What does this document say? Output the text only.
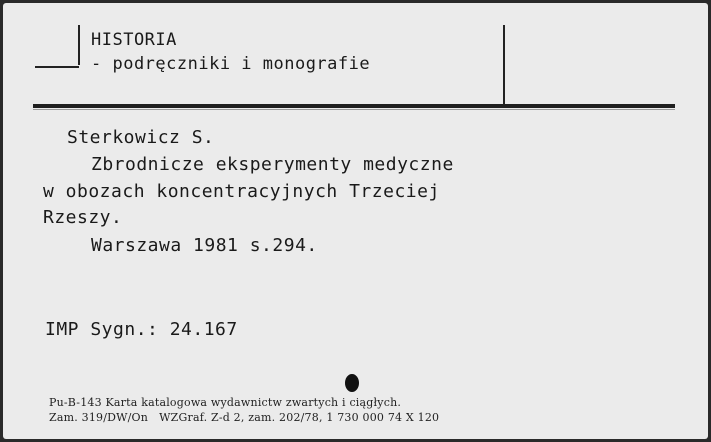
HISTORIA
- podręczniki i monografie
Sterkowicz S.
Zbrodnicze eksperymenty medyczne
w obozach koncentracyjnych Trzeciej
Rzeszy.
Warszawa 1981 s.294.
IMP Sygn.: 24.167
Pu-B-143 Karta katalogowa wydawnictw zwartych i ciągłych.
Zam. 319/DW/On   WZGraf. Z-d 2, zam. 202/78, 1 730 000 74 X 120
